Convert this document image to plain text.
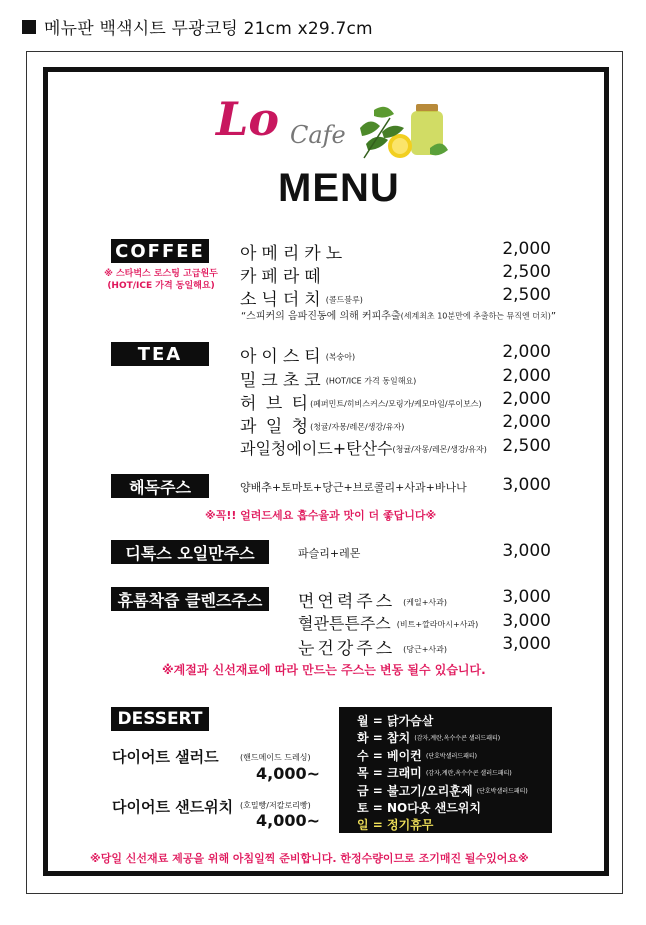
메뉴판 백색시트 무광코팅 21cm x29.7cm
Lo Cafe
MENU
COFFEE
※ 스타벅스 로스팅 고급원두 (HOT/ICE 가격 동일해요)
아메리카노	2,000
카페라떼	2,500
소닉더치(콜드블루)	2,500
“스피커의 음파진동에 의해 커피추출(세계최초 10분만에 추출하는 뮤직엔 더치)”
TEA	아이스티(복숭아)	2,000
밀크초코(HOT/ICE 가격 동일해요)	2,000
허 브 티(페퍼민트/히비스커스/모링가/케모마일/루이보스)	2,000
과 일 청(청귤/자몽/레몬/생강/유자)	2,000
과일청에이드+탄산수(청귤/자몽/레몬/생강/유자) 2,500
해독주스	양배추+토마토+당근+브로콜리+사과+바나나	3,000
※꼭!! 얼려드세요 흡수율과 맛이 더 좋답니다※
디톡스 오일만주스	파슬리+레몬	3,000
휴롬착즙 클렌즈주스	면연력주스 (케일+사과)	3,000
혈관튼튼주스 (비트+깔라마시+사과)	3,000
눈건강주스 (당근+사과)	3,000
※계절과 신선재료에 따라 만드는 주스는 변동 될수 있습니다.
DESSERT
다이어트 샐러드	(핸드메이드 드레싱)
4,000~
다이어트 샌드위치 (호밀빵/저칼로리빵)
4,000~
월 = 닭가슴살
화 = 참치 (감자,계란,옥수수콘 샐러드패티)
수 = 베이컨 (단호박샐러드패티)
목 = 크래미 (감자,계란,옥수수콘 샐러드패티)
금 = 불고기/오리훈제 (단호박샐러드패티)
토 = NO다욧 샌드위치
일 = 정기휴무
※당일 신선재료 제공을 위해 아침일찍 준비합니다. 한정수량이므로 조기매진 될수있어요※
